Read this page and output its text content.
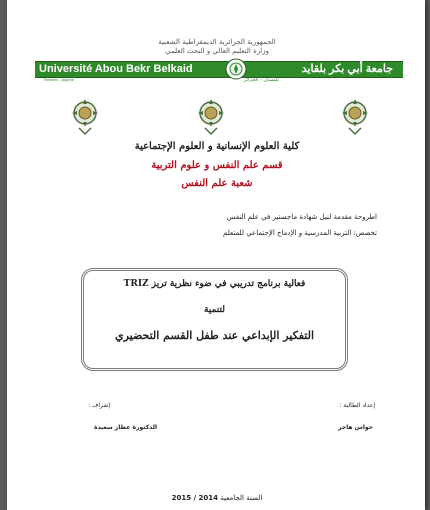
الجمهورية الجزائرية الديمقراطية الشعبية
وزارة التعليم العالي و البحث العلمي
Université Abou Bekr Belkaid	جامعة أبي بكر بلقايد
Tlemcen - Algérie	تلمسان - الجزائر
كلية العلوم الإنسانية و العلوم الإجتماعية
قسم علم النفس و علوم التربية
شعبة علم النفس
اطروحة مقدمة لنيل شهادة ماجستير في علم النفس
تخصص: التربية المدرسية و الإدماج الإجتماعي للمتعلم
فعالية برنامج تدريبي في ضوء نظرية تريز TRIZ
لتنمية
التفكير الإبداعي عند طفل القسم التحضيري
إعداد الطالبة :
حواس هاجر
إشراف :
الدكتورة عطار سعيدة
السنة الجامعية 2014 / 2015
